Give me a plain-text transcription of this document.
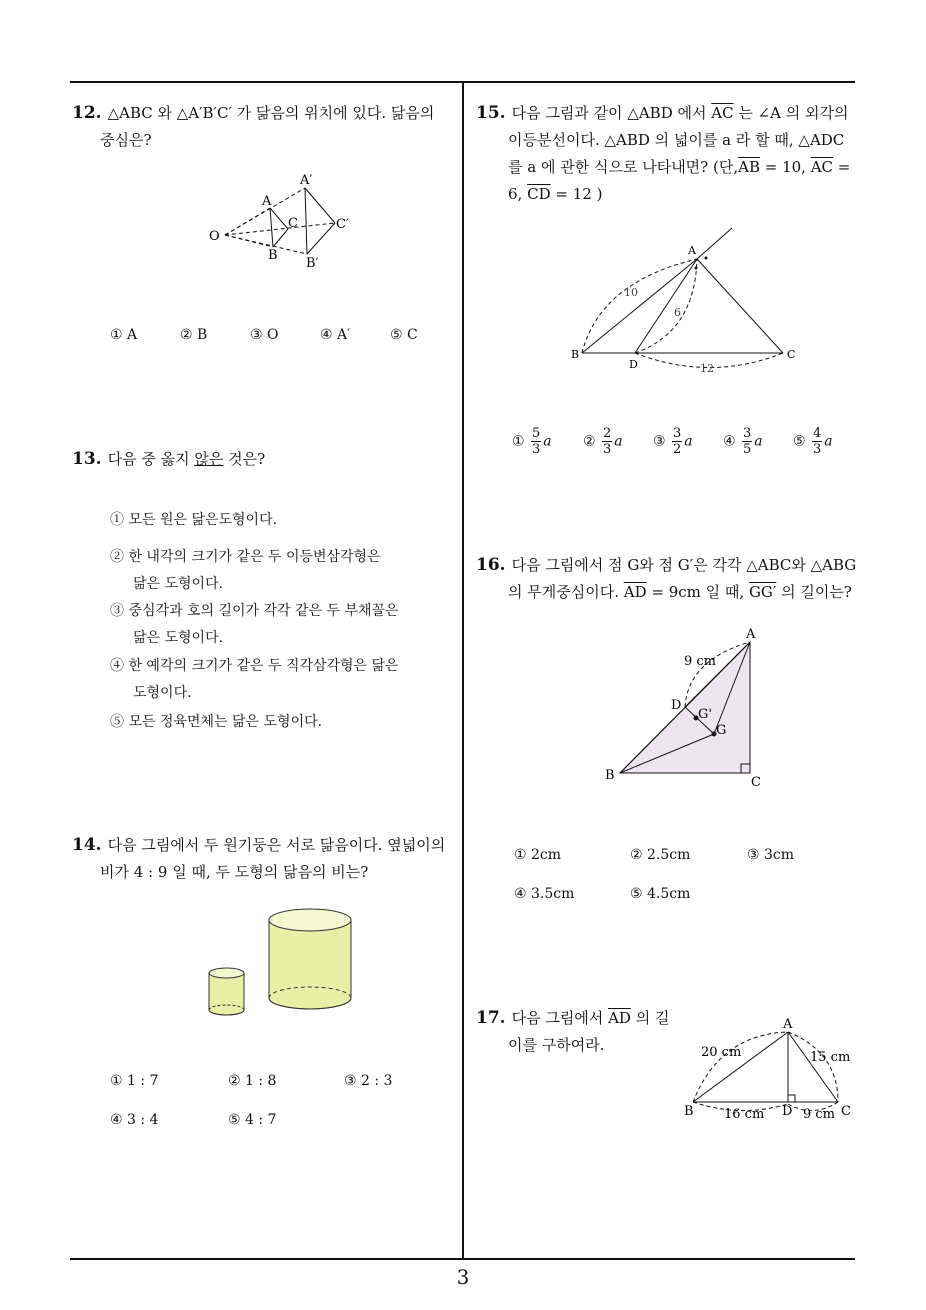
12. △ABC 와 △A′B′C′ 가 닮음의 위치에 있다. 닮음의
중심은?
O
A
B
C
A′
B′
C′
① A	② B	③ O	④ A′	⑤ C
13. 다음 중 옳지 않은 것은?
① 모든 원은 닮은도형이다.
② 한 내각의 크기가 같은 두 이등변삼각형은
닮은 도형이다.
③ 중심각과 호의 길이가 각각 같은 두 부채꼴은
닮은 도형이다.
④ 한 예각의 크기가 같은 두 직각삼각형은 닮은
도형이다.
⑤ 모든 정육면체는 닮은 도형이다.
14. 다음 그림에서 두 원기둥은 서로 닮음이다. 옆넓이의
비가 4 : 9 일 때, 두 도형의 닮음의 비는?
① 1 : 7	② 1 : 8	③ 2 : 3
④ 3 : 4	⑤ 4 : 7
15. 다음 그림과 같이 △ABD 에서 $\overline{AC}$ 는 ∠A 의 외각의
이등분선이다. △ABD 의 넓이를 a 라 할 때, △ADC
를 a 에 관한 식으로 나타내면? (단$,\overline{AB} = 10$, $\overline{AC}$ =
6, $\overline{CD} = 12$ )
A
B	C
D
10
6
12
① $\frac{5}{3}$ a ② $\frac{2}{3}$ a ③ $\frac{3}{2}$ a ④ $\frac{3}{5}$ a ⑤ $\frac{4}{3}$ a
16. 다음 그림에서 점 G와 점 G′은 각각 △ABC와 △ABG
의 무게중심이다. $\overline{AD} = 9cm$ 일 때, GG′ 의 길이는?
A
B	C
D
G'
G
9 cm
① 2cm	② 2.5cm	③ 3cm
④ 3.5cm	⑤ 4.5cm
17. 다음 그림에서 $\overline{AD}$ 의 길
이를 구하여라.
A
B	C
D
20 cm	15 cm
16 cm	9 cm
3
